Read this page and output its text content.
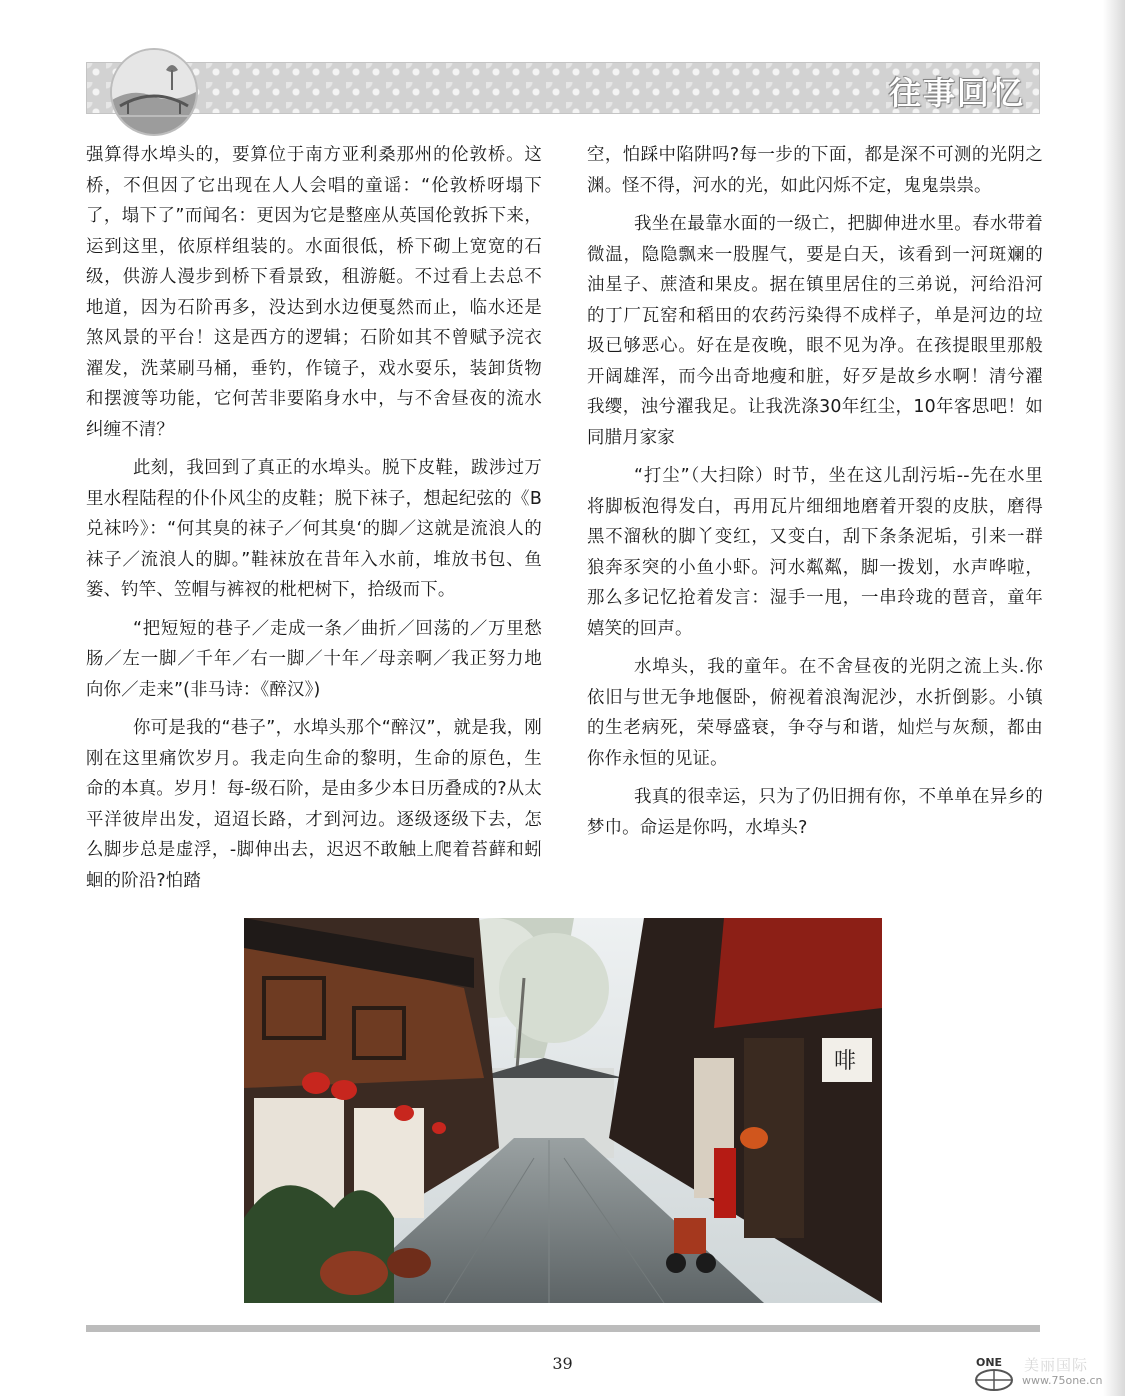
往事回忆

强算得水埠头的，要算位于南方亚利桑那州的伦敦桥。这桥，不但因了它出现在人人会唱的童谣：“伦敦桥呀塌下了，塌下了”而闻名：更因为它是整座从英国伦敦拆下来，运到这里，依原样组装的。水面很低，桥下砌上宽宽的石级，供游人漫步到桥下看景致，租游艇。不过看上去总不地道，因为石阶再多，没达到水边便戛然而止，临水还是煞风景的平台！这是西方的逻辑；石阶如其不曾赋予浣衣濯发，洗菜刷马桶，垂钓，作镜子，戏水耍乐，装卸货物和摆渡等功能，它何苦非要陷身水中，与不舍昼夜的流水纠缠不清？

此刻，我回到了真正的水埠头。脱下皮鞋，跋涉过万里水程陆程的仆仆风尘的皮鞋；脱下袜子，想起纪弦的《B兑袜吟》：“何其臭的袜子／何其臭‘的脚／这就是流浪人的袜子／流浪人的脚。”鞋袜放在昔年入水前，堆放书包、鱼篓、钓竿、笠帽与裤衩的枇杷树下，拾级而下。

“把短短的巷子／走成一条／曲折／回荡的／万里愁肠／左一脚／千年／右一脚／十年／母亲啊／我正努力地向你／走来”(非马诗：《醉汉》)

你可是我的“巷子”，水埠头那个“醉汉”，就是我，刚刚在这里痛饮岁月。我走向生命的黎明，生命的原色，生命的本真。岁月！每-级石阶，是由多少本日历叠成的?从太平洋彼岸出发，迢迢长路，才到河边。逐级逐级下去，怎么脚步总是虚浮，-脚伸出去，迟迟不敢触上爬着苔藓和蚓蛔的阶沿?怕踏

空，怕踩中陷阱吗?每一步的下面，都是深不可测的光阴之渊。怪不得，河水的光，如此闪烁不定，鬼鬼祟祟。

我坐在最靠水面的一级亡，把脚伸进水里。春水带着微温，隐隐飘来一股腥气，要是白天，该看到一河斑斓的油星子、蔗渣和果皮。据在镇里居住的三弟说，河给沿河的丁厂瓦窑和稻田的农药污染得不成样子，单是河边的垃圾已够恶心。好在是夜晚，眼不见为净。在孩提眼里那般开阔雄浑，而今出奇地瘦和脏，好歹是故乡水啊！清兮濯我缨，浊兮濯我足。让我洗涤30年红尘，10年客思吧！如同腊月家家

“打尘”（大扫除）时节，坐在这儿刮污垢--先在水里将脚板泡得发白，再用瓦片细细地磨着开裂的皮肤，磨得黑不溜秋的脚丫变红，又变白，刮下条条泥垢，引来一群狼奔豕突的小鱼小虾。河水粼粼，脚一拨划，水声哗啦，那么多记忆抢着发言：湿手一甩，一串玲珑的琶音，童年嬉笑的回声。

水埠头，我的童年。在不舍昼夜的光阴之流上头.你依旧与世无争地偃卧，俯视着浪淘泥沙，水折倒影。小镇的生老病死，荣辱盛衰，争夺与和谐，灿烂与灰颓，都由你作永恒的见证。

我真的很幸运，只为了仍旧拥有你，不单单在异乡的梦巾。命运是你吗，水埠头?

啡
39	ONE 美丽国际
www.75one.cn
